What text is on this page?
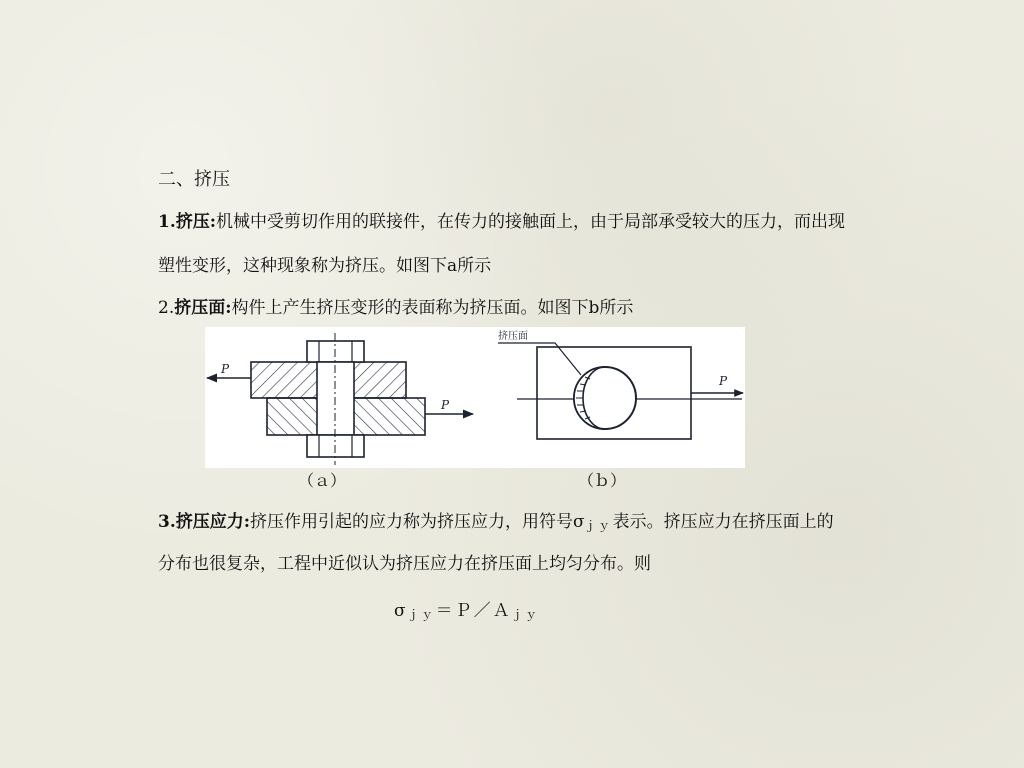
二、挤压
1.挤压:机械中受剪切作用的联接件，在传力的接触面上，由于局部承受较大的压力，而出现
塑性变形，这种现象称为挤压。如图下a所示
2.挤压面:构件上产生挤压变形的表面称为挤压面。如图下b所示
P
P
P
挤压面
（ａ）	（ｂ）
3.挤压应力:挤压作用引起的应力称为挤压应力，用符号σｊｙ表示。挤压应力在挤压面上的
分布也很复杂，工程中近似认为挤压应力在挤压面上均匀分布。则
σｊｙ＝Ｐ／Ａｊｙ
